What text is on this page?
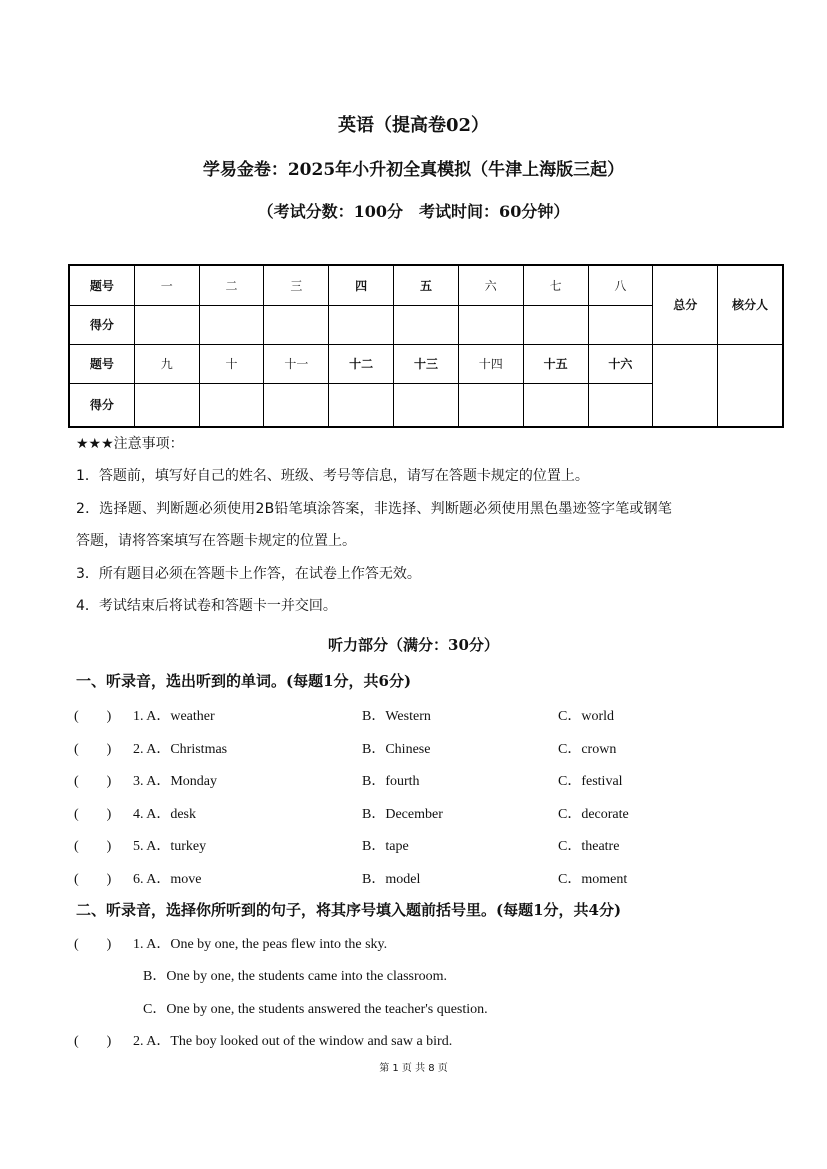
英语（提高卷02）
学易金卷：2025年小升初全真模拟（牛津上海版三起）
（考试分数：100分　考试时间：60分钟）
题号	一	二	三	四	五	六	七	八	总分	核分人
得分										
题号	九	十	十一	十二	十三	十四	十五	十六		
得分										
★★★注意事项：
1．答题前，填写好自己的姓名、班级、考号等信息，请写在答题卡规定的位置上。
2．选择题、判断题必须使用2B铅笔填涂答案，非选择、判断题必须使用黑色墨迹签字笔或钢笔
答题，请将答案填写在答题卡规定的位置上。
3．所有题目必须在答题卡上作答，在试卷上作答无效。
4．考试结束后将试卷和答题卡一并交回。
听力部分（满分：30分）
一、听录音，选出听到的单词。(每题1分，共6分)
(　　) 1. A．weather	B．Western	C．world
(　　) 2. A．Christmas	B．Chinese	C．crown
(　　) 3. A．Monday	B．fourth	C．festival
(　　) 4. A．desk	B．December	C．decorate
(　　) 5. A．turkey	B．tape	C．theatre
(　　) 6. A．move	B．model	C．moment
二、听录音，选择你所听到的句子，将其序号填入题前括号里。(每题1分，共4分)
(　　) 1. A．One by one, the peas flew into the sky.
B．One by one, the students came into the classroom.
C．One by one, the students answered the teacher's question.
(　　) 2. A．The boy looked out of the window and saw a bird.
第 1 页 共 8 页
